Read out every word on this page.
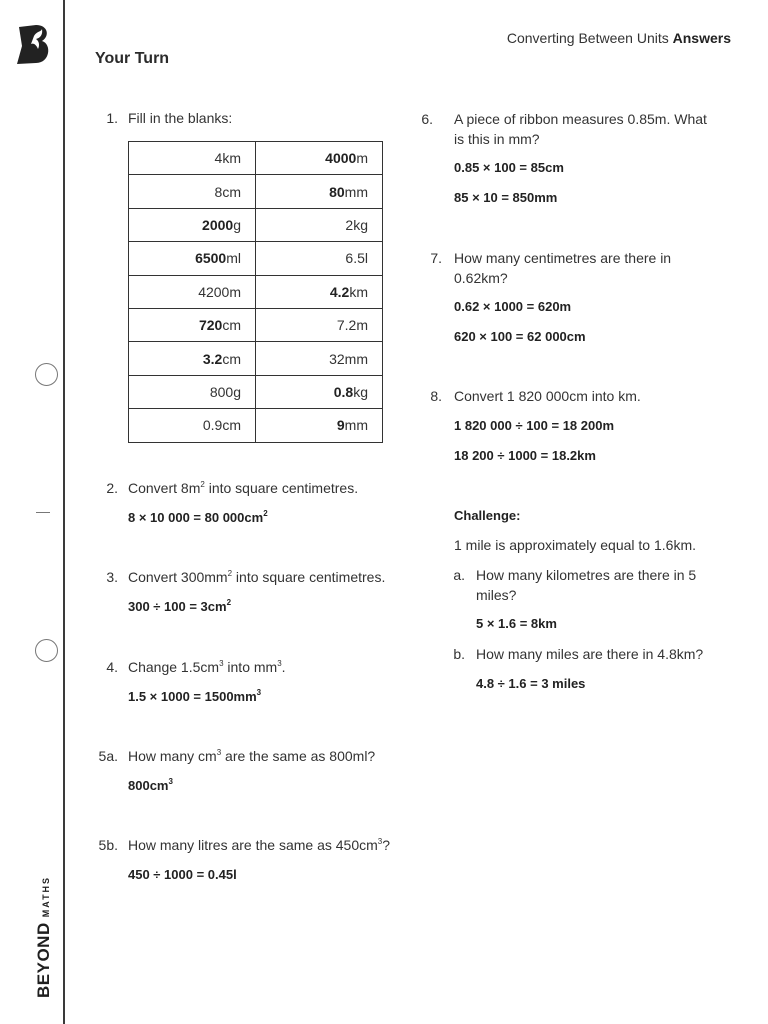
BEYONDMATHS
Converting Between Units Answers
Your Turn
1. Fill in the blanks:
4km	4000m
8cm	80mm
2000g	2kg
6500ml	6.5l
4200m	4.2km
720cm	7.2m
3.2cm	32mm
800g	0.8kg
0.9cm	9mm
2. Convert $8m^2$ into square centimetres.
8 × 10 000 = 80 $000cm^2$
3. Convert $300mm^2$ into square centimetres.
$300 \div 100 = 3cm^2$
4. Change $1.5cm^3$ into $mm^3$.
$1.5 \times 1000 = 1500mm^3$
5a. How many $cm^3$ are the same as 800ml?
$800cm^3$
5b. How many litres are the same as $450cm^3$?
450 ÷ 1000 = 0.45l
6. A piece of ribbon measures 0.85m. What
is this in mm?
0.85 × 100 = 85cm
85 × 10 = 850mm
7. How many centimetres are there in
0.62km?
0.62 × 1000 = 620m
620 × 100 = 62 000cm
8. Convert 1 820 000cm into km.
1 820 000 ÷ 100 = 18 200m
18 200 ÷ 1000 = 18.2km
Challenge:
1 mile is approximately equal to 1.6km.
a. How many kilometres are there in 5
miles?
5 × 1.6 = 8km
b. How many miles are there in 4.8km?
4.8 ÷ 1.6 = 3 miles
